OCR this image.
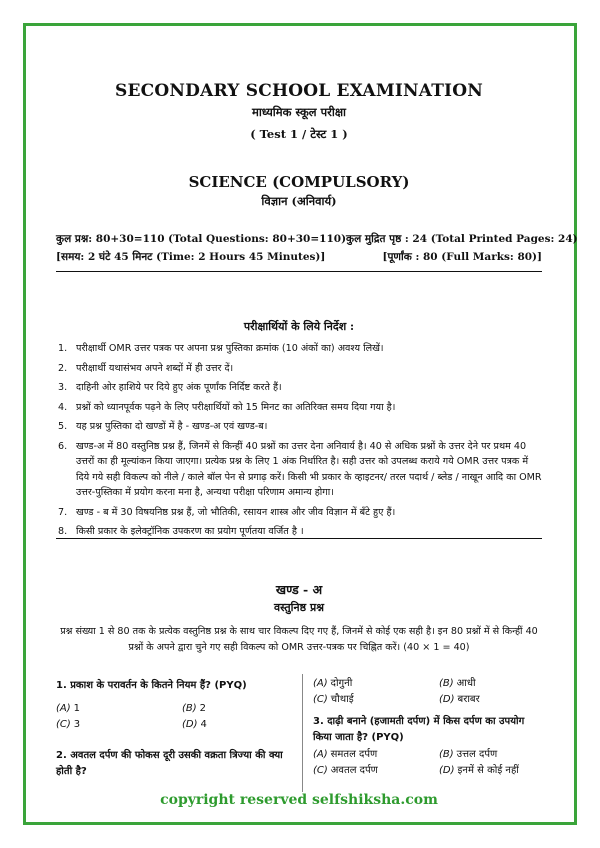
SECONDARY SCHOOL EXAMINATION
माध्यमिक स्कूल परीक्षा
( Test 1 / टेस्ट 1 )
SCIENCE (COMPULSORY)
विज्ञान (अनिवार्य)
कुल प्रश्न: 80+30=110 (Total Questions: 80+30=110) कुल मुद्रित पृष्ठ : 24 (Total Printed Pages: 24)
[समय: 2 घंटे 45 मिनट (Time: 2 Hours 45 Minutes)]	[पूर्णांक : 80 (Full Marks: 80)]
परीक्षार्थियों के लिये निर्देश :
1. परीक्षार्थी OMR उत्तर पत्रक पर अपना प्रश्न पुस्तिका क्रमांक (10 अंकों का) अवश्य लिखें।
2. परीक्षार्थी यथासंभव अपने शब्दों में ही उत्तर दें।
3. दाहिनी ओर हाशिये पर दिये हुए अंक पूर्णांक निर्दिष्ट करते हैं।
4. प्रश्नों को ध्यानपूर्वक पढ़ने के लिए परीक्षार्थियों को 15 मिनट का अतिरिक्त समय दिया गया है।
5. यह प्रश्न पुस्तिका दो खण्डों में है - खण्ड-अ एवं खण्ड-ब।
6. खण्ड-अ में 80 वस्तुनिष्ठ प्रश्न हैं, जिनमें से किन्हीं 40 प्रश्नों का उत्तर देना अनिवार्य है। 40 से अधिक प्रश्नों के उत्तर देने पर प्रथम 40 उत्तरों का ही मूल्यांकन किया जाएगा। प्रत्येक प्रश्न के लिए 1 अंक निर्धारित है। सही उत्तर को उपलब्ध कराये गये OMR उत्तर पत्रक में दिये गये सही विकल्प को नीले / काले बॉल पेन से प्रगाढ़ करें। किसी भी प्रकार के व्हाइटनर/ तरल पदार्थ / ब्लेड / नाखून आदि का OMR उत्तर-पुस्तिका में प्रयोग करना मना है, अन्यथा परीक्षा परिणाम अमान्य होगा।
7. खण्ड - ब में 30 विषयनिष्ठ प्रश्न हैं, जो भौतिकी, रसायन शास्त्र और जीव विज्ञान में बँटे हुए हैं।
8. किसी प्रकार के इलेक्ट्रॉनिक उपकरण का प्रयोग पूर्णतया वर्जित है ।
खण्ड - अ
वस्तुनिष्ठ प्रश्न
प्रश्न संख्या 1 से 80 तक के प्रत्येक वस्तुनिष्ठ प्रश्न के साथ चार विकल्प दिए गए हैं, जिनमें से कोई एक सही है। इन 80 प्रश्नों में से किन्हीं 40 प्रश्नों के अपने द्वारा चुने गए सही विकल्प को OMR उत्तर-पत्रक पर चिह्नित करें। (40 × 1 = 40)
1. प्रकाश के परावर्तन के कितने नियम हैं? (PYQ)
(A) 1	(B) 2
(C) 3	(D) 4
2. अवतल दर्पण की फोकस दूरी उसकी वक्रता त्रिज्या की क्या होती है?
(A) दोगुनी	(B) आधी
(C) चौथाई	(D) बराबर
3. दाढ़ी बनाने (हजामती दर्पण) में किस दर्पण का उपयोग किया जाता है? (PYQ)
(A) समतल दर्पण	(B) उत्तल दर्पण
(C) अवतल दर्पण	(D) इनमें से कोई नहीं
copyright reserved selfshiksha.com
